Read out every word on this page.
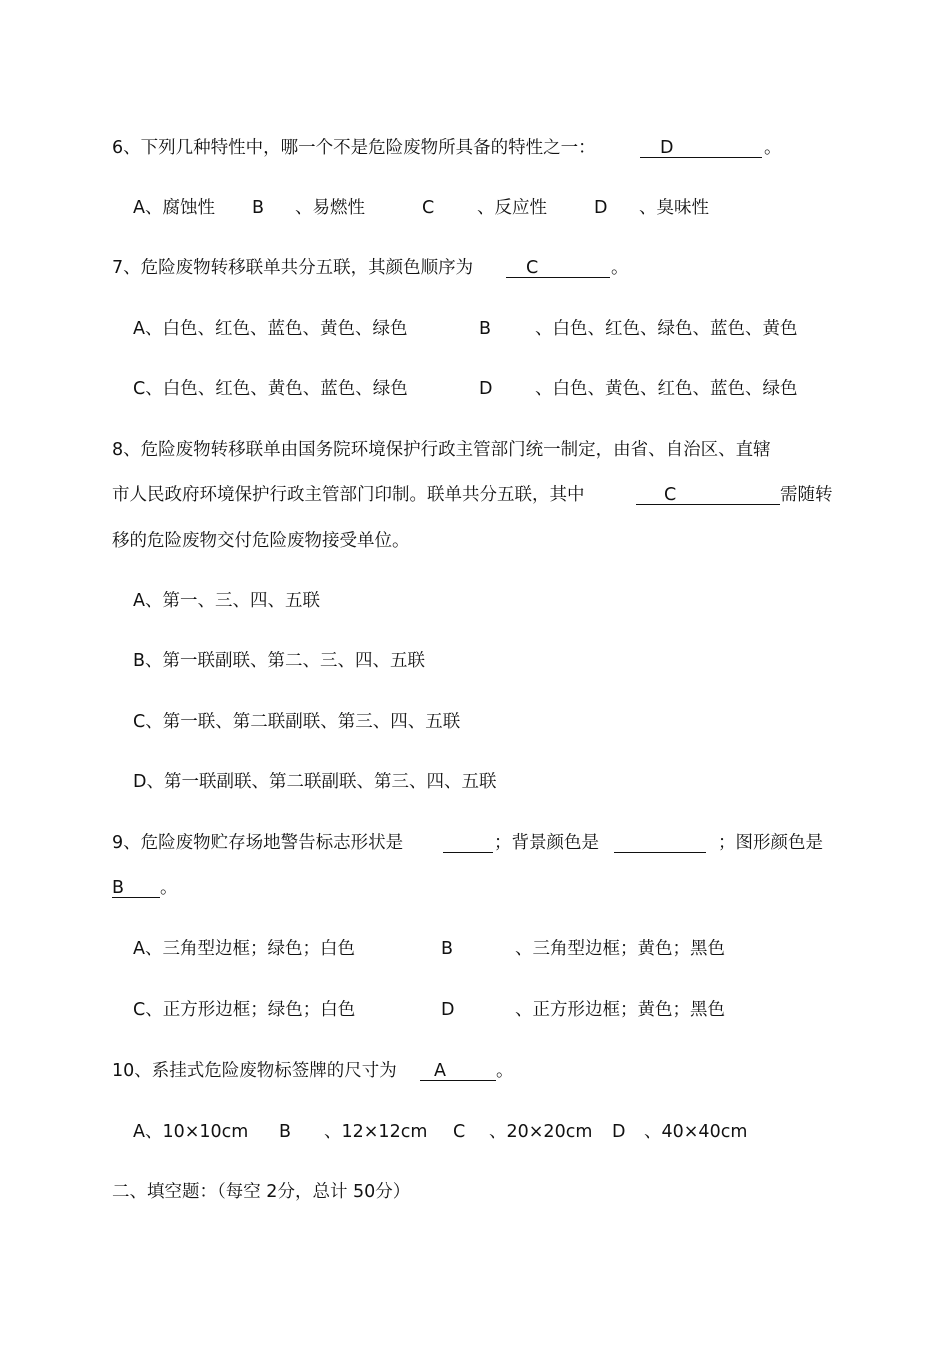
6、下列几种特性中，哪一个不是危险废物所具备的特性之一：	D	。
A、腐蚀性 B 、易燃性	C 、反应性	D 、臭味性
7、危险废物转移联单共分五联，其颜色顺序为	C	。
A、白色、红色、蓝色、黄色、绿色	B	、白色、红色、绿色、蓝色、黄色
C、白色、红色、黄色、蓝色、绿色	D 、白色、黄色、红色、蓝色、绿色
8、危险废物转移联单由国务院环境保护行政主管部门统一制定，由省、自治区、直辖
市人民政府环境保护行政主管部门印制。联单共分五联，其中	C	需随转
移的危险废物交付危险废物接受单位。
A、第一、三、四、五联
B、第一联副联、第二、三、四、五联
C、第一联、第二联副联、第三、四、五联
D、第一联副联、第二联副联、第三、四、五联
9、危险废物贮存场地警告标志形状是	；背景颜色是	；图形颜色是
B 。
A、三角型边框；绿色；白色	B	、三角型边框；黄色；黑色
C、正方形边框；绿色；白色	D	、正方形边框；黄色；黑色
10、系挂式危险废物标签牌的尺寸为 A	。
A、10×10cm B 、12×12cm C 、20×20cm D 、40×40cm
二、填空题：（每空 2分，总计 50分）
